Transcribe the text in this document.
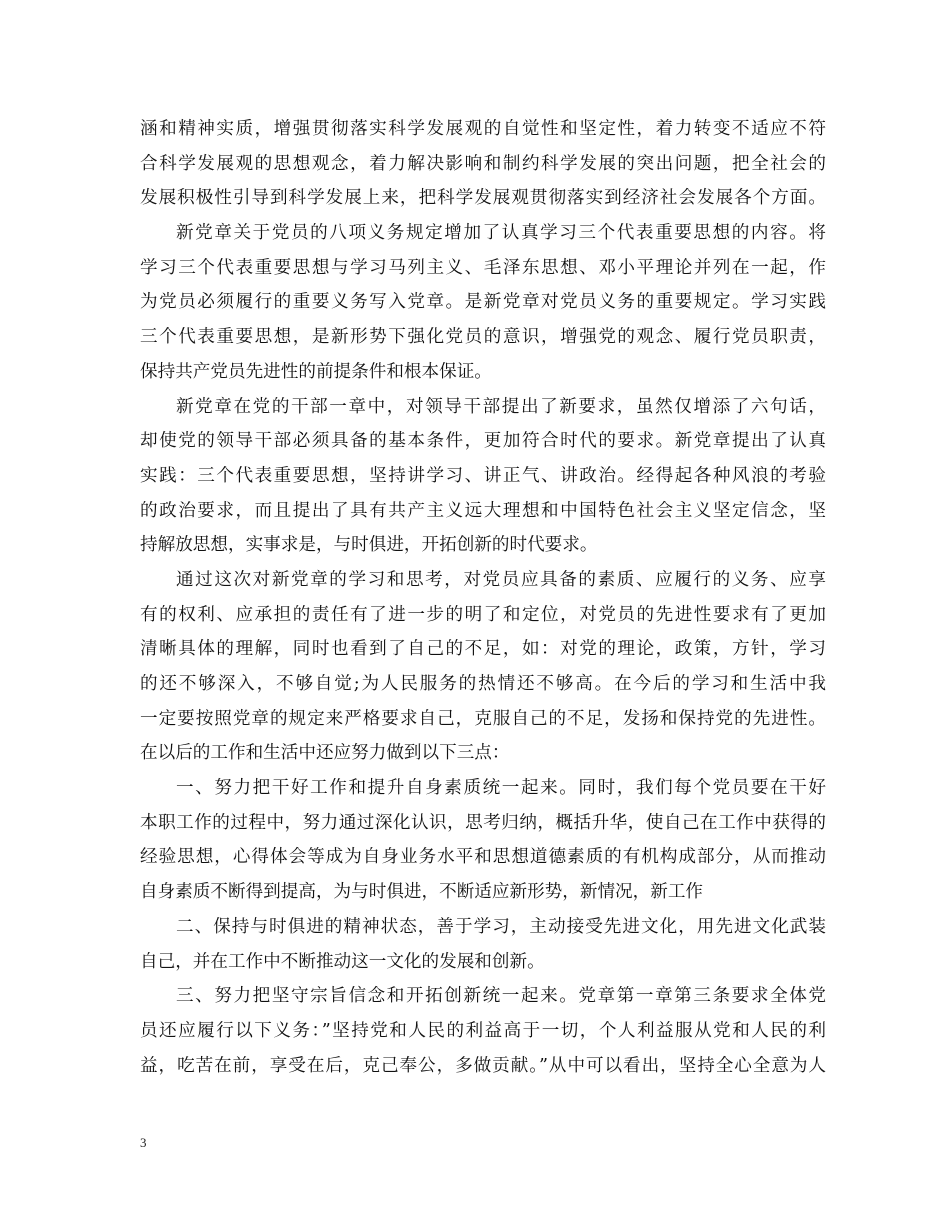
涵和精神实质，增强贯彻落实科学发展观的自觉性和坚定性，着力转变不适应不符
合科学发展观的思想观念，着力解决影响和制约科学发展的突出问题，把全社会的
发展积极性引导到科学发展上来，把科学发展观贯彻落实到经济社会发展各个方面。
新党章关于党员的八项义务规定增加了认真学习三个代表重要思想的内容。将
学习三个代表重要思想与学习马列主义、毛泽东思想、邓小平理论并列在一起，作
为党员必须履行的重要义务写入党章。是新党章对党员义务的重要规定。学习实践
三个代表重要思想，是新形势下强化党员的意识，增强党的观念、履行党员职责，
保持共产党员先进性的前提条件和根本保证。
新党章在党的干部一章中，对领导干部提出了新要求，虽然仅增添了六句话，
却使党的领导干部必须具备的基本条件，更加符合时代的要求。新党章提出了认真
实践：三个代表重要思想，坚持讲学习、讲正气、讲政治。经得起各种风浪的考验
的政治要求，而且提出了具有共产主义远大理想和中国特色社会主义坚定信念，坚
持解放思想，实事求是，与时俱进，开拓创新的时代要求。
通过这次对新党章的学习和思考，对党员应具备的素质、应履行的义务、应享
有的权利、应承担的责任有了进一步的明了和定位，对党员的先进性要求有了更加
清晰具体的理解，同时也看到了自己的不足，如：对党的理论，政策，方针，学习
的还不够深入，不够自觉;为人民服务的热情还不够高。在今后的学习和生活中我
一定要按照党章的规定来严格要求自己，克服自己的不足，发扬和保持党的先进性。
在以后的工作和生活中还应努力做到以下三点：
一、努力把干好工作和提升自身素质统一起来。同时，我们每个党员要在干好
本职工作的过程中，努力通过深化认识，思考归纳，概括升华，使自己在工作中获得的
经验思想，心得体会等成为自身业务水平和思想道德素质的有机构成部分，从而推动
自身素质不断得到提高，为与时俱进，不断适应新形势，新情况，新工作
二、保持与时俱进的精神状态，善于学习，主动接受先进文化，用先进文化武装
自己，并在工作中不断推动这一文化的发展和创新。
三、努力把坚守宗旨信念和开拓创新统一起来。党章第一章第三条要求全体党
员还应履行以下义务：”坚持党和人民的利益高于一切，个人利益服从党和人民的利
益，吃苦在前，享受在后，克己奉公，多做贡献。”从中可以看出，坚持全心全意为人
3
